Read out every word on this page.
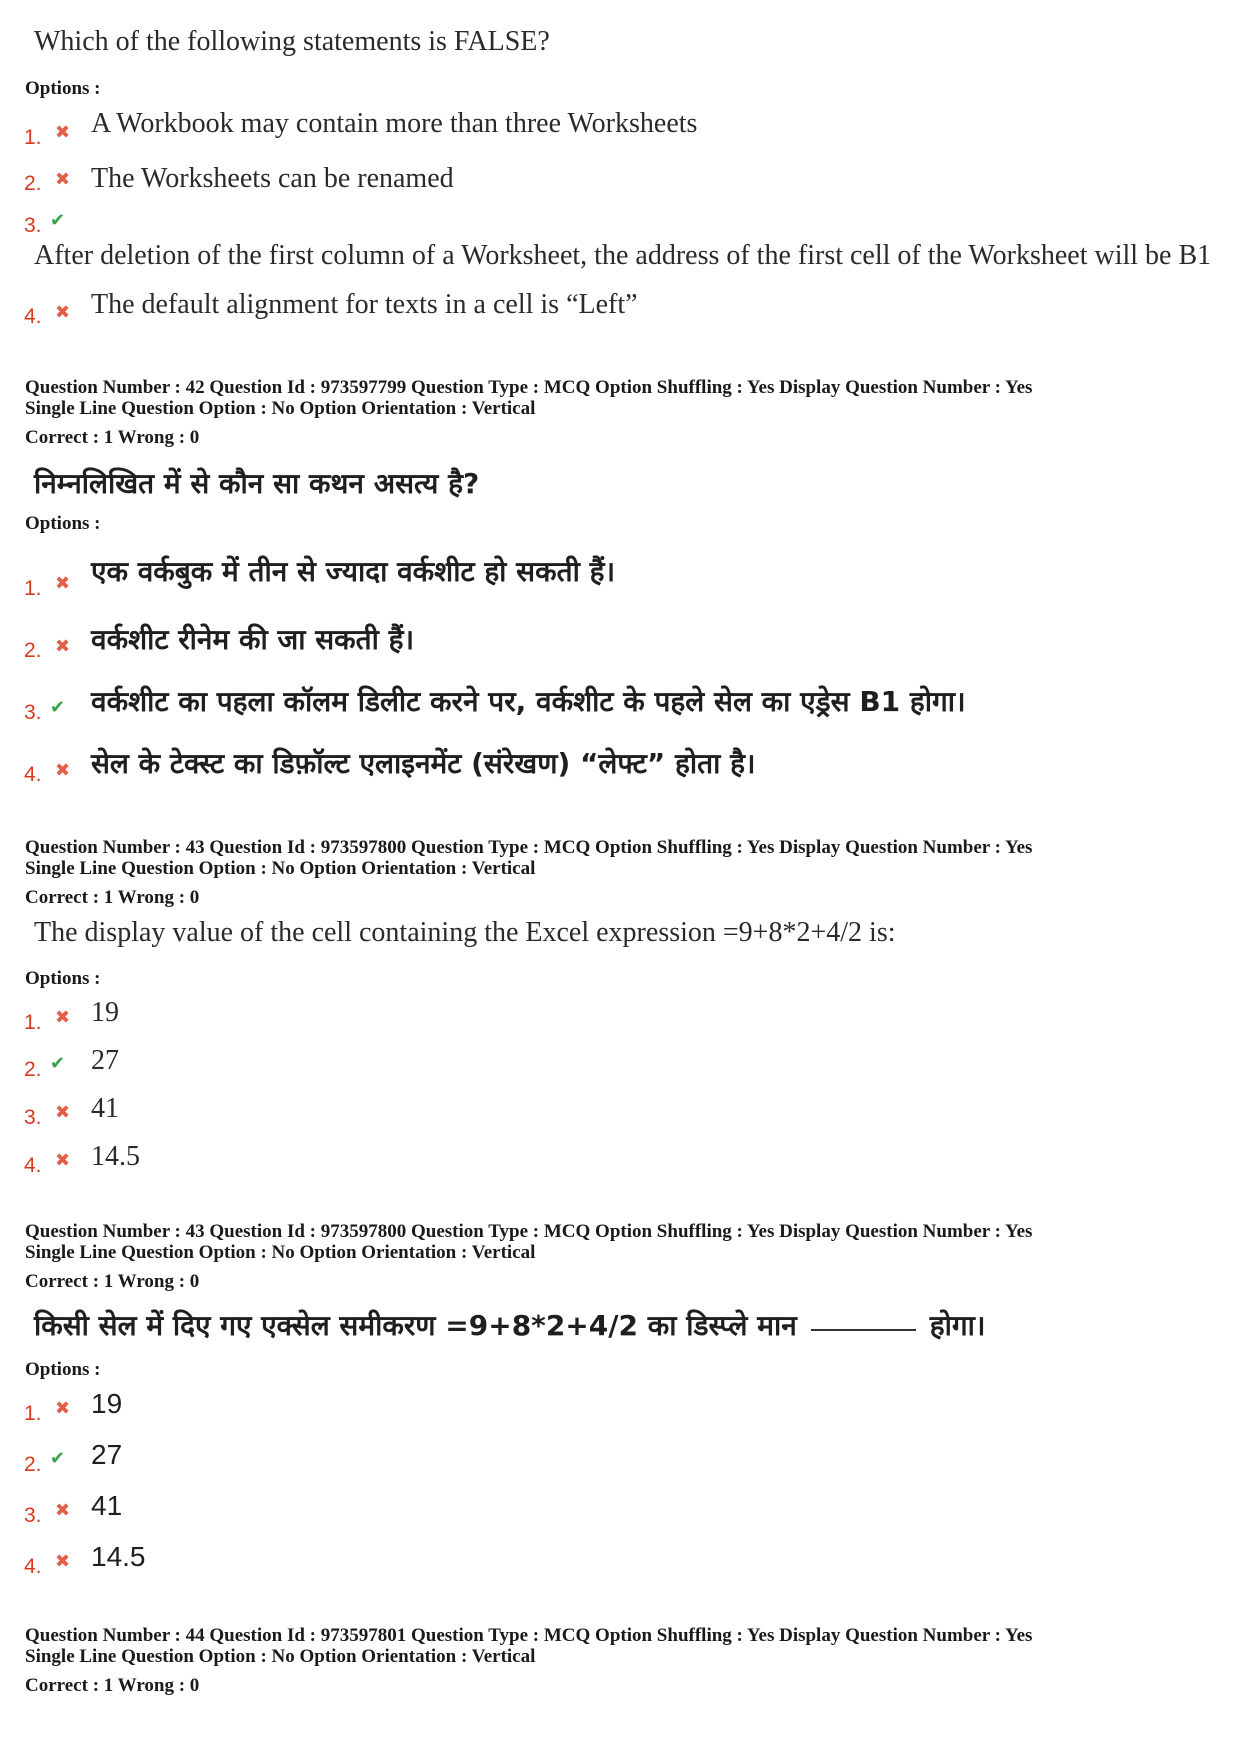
Which of the following statements is FALSE?
Options :
1. ✖ A Workbook may contain more than three Worksheets
2. ✖ The Worksheets can be renamed
3. ✔
After deletion of the first column of a Worksheet, the address of the first cell of the Worksheet will be B1
4. ✖ The default alignment for texts in a cell is “Left”
Question Number : 42 Question Id : 973597799 Question Type : MCQ Option Shuffling : Yes Display Question Number : Yes
Single Line Question Option : No Option Orientation : Vertical
Correct : 1 Wrong : 0
निम्नलिखित में से कौन सा कथन असत्य है?
Options :
1. ✖ एक वर्कबुक में तीन से ज्यादा वर्कशीट हो सकती हैं।
2. ✖ वर्कशीट रीनेम की जा सकती हैं।
3. ✔ वर्कशीट का पहला कॉलम डिलीट करने पर, वर्कशीट के पहले सेल का एड्रेस B1 होगा।
4. ✖ सेल के टेक्स्ट का डिफ़ॉल्ट एलाइनमेंट (संरेखण) “लेफ्ट” होता है।
Question Number : 43 Question Id : 973597800 Question Type : MCQ Option Shuffling : Yes Display Question Number : Yes
Single Line Question Option : No Option Orientation : Vertical
Correct : 1 Wrong : 0
The display value of the cell containing the Excel expression =9+8*2+4/2 is:
Options :
1. ✖ 19
2. ✔ 27
3. ✖ 41
4. ✖ 14.5
Question Number : 43 Question Id : 973597800 Question Type : MCQ Option Shuffling : Yes Display Question Number : Yes
Single Line Question Option : No Option Orientation : Vertical
Correct : 1 Wrong : 0
किसी सेल में दिए गए एक्सेल समीकरण =9+8*2+4/2 का डिस्प्ले मान	होगा।
Options :
1. ✖ 19
2. ✔ 27
3. ✖ 41
4. ✖ 14.5
Question Number : 44 Question Id : 973597801 Question Type : MCQ Option Shuffling : Yes Display Question Number : Yes
Single Line Question Option : No Option Orientation : Vertical
Correct : 1 Wrong : 0
